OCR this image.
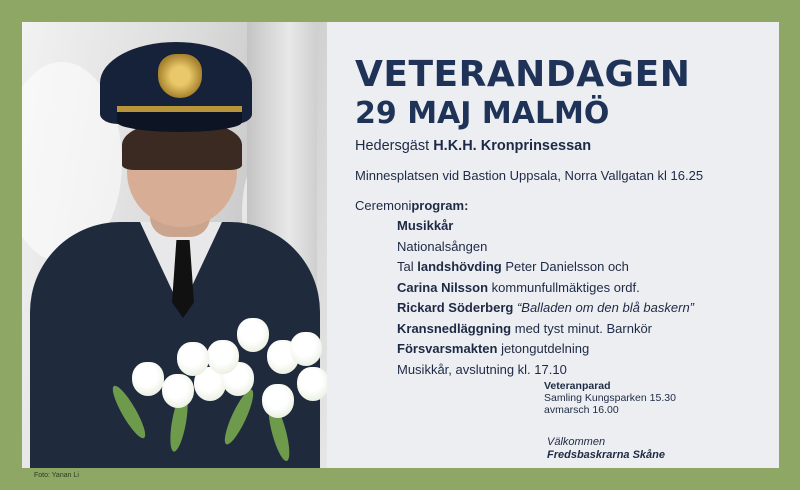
VETERANDAGEN
29 MAJ MALMÖ
Hedersgäst H.K.H. Kronprinsessan
Minnesplatsen vid Bastion Uppsala, Norra Vallgatan kl 16.25
Ceremoniprogram:
Musikkår
Nationalsången
Tal landshövding Peter Danielsson och
Carina Nilsson kommunfullmäktiges ordf.
Rickard Söderberg “Balladen om den blå baskern”
Kransnedläggning med tyst minut. Barnkör
Försvarsmakten jetongutdelning
Musikkår, avslutning kl. 17.10
Veteranparad
Samling Kungsparken 15.30
avmarsch 16.00
Välkommen
Fredsbaskrarna Skåne
Foto: Yanan Li
